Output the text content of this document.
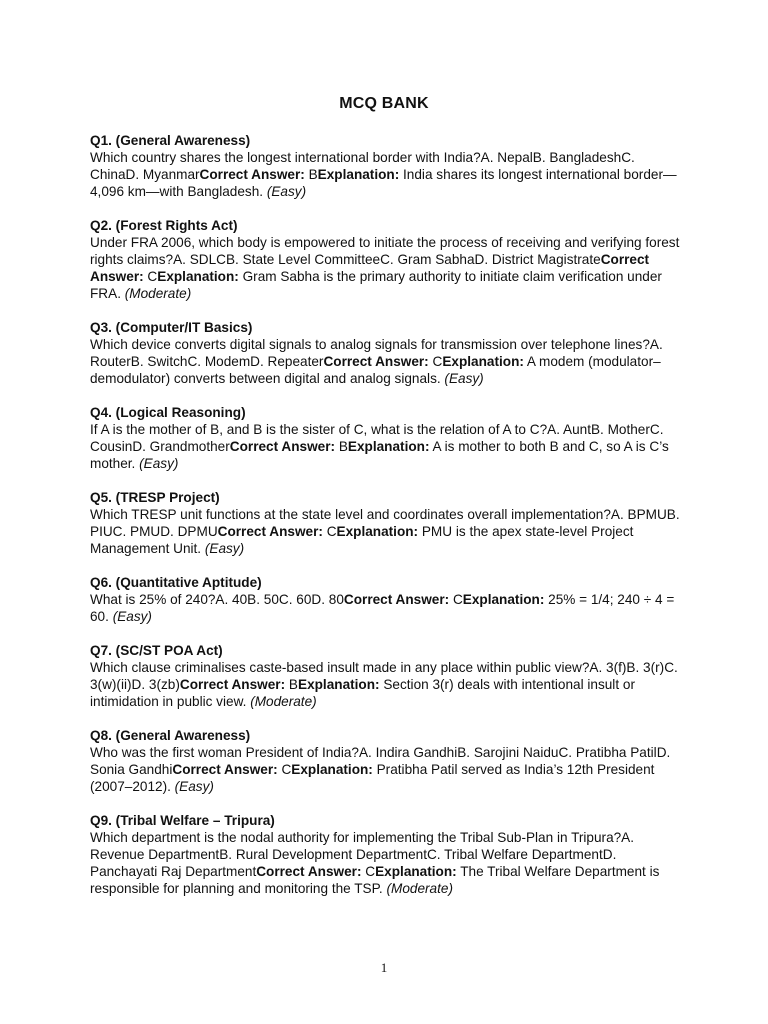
MCQ BANK
Q1. (General Awareness)
Which country shares the longest international border with India?A. NepalB. BangladeshC. ChinaD. MyanmarCorrect Answer: BExplanation: India shares its longest international border—4,096 km—with Bangladesh. (Easy)
Q2. (Forest Rights Act)
Under FRA 2006, which body is empowered to initiate the process of receiving and verifying forest rights claims?A. SDLCB. State Level CommitteeC. Gram SabhaD. District MagistrateCorrect Answer: CExplanation: Gram Sabha is the primary authority to initiate claim verification under FRA. (Moderate)
Q3. (Computer/IT Basics)
Which device converts digital signals to analog signals for transmission over telephone lines?A. RouterB. SwitchC. ModemD. RepeaterCorrect Answer: CExplanation: A modem (modulator–demodulator) converts between digital and analog signals. (Easy)
Q4. (Logical Reasoning)
If A is the mother of B, and B is the sister of C, what is the relation of A to C?A. AuntB. MotherC. CousinD. GrandmotherCorrect Answer: BExplanation: A is mother to both B and C, so A is C’s mother. (Easy)
Q5. (TRESP Project)
Which TRESP unit functions at the state level and coordinates overall implementation?A. BPMUB. PIUC. PMUD. DPMUCorrect Answer: CExplanation: PMU is the apex state-level Project Management Unit. (Easy)
Q6. (Quantitative Aptitude)
What is 25% of 240?A. 40B. 50C. 60D. 80Correct Answer: CExplanation: 25% = 1/4; 240 ÷ 4 = 60. (Easy)
Q7. (SC/ST POA Act)
Which clause criminalises caste-based insult made in any place within public view?A. 3(f)B. 3(r)C. 3(w)(ii)D. 3(zb)Correct Answer: BExplanation: Section 3(r) deals with intentional insult or intimidation in public view. (Moderate)
Q8. (General Awareness)
Who was the first woman President of India?A. Indira GandhiB. Sarojini NaiduC. Pratibha PatilD. Sonia GandhiCorrect Answer: CExplanation: Pratibha Patil served as India’s 12th President (2007–2012). (Easy)
Q9. (Tribal Welfare – Tripura)
Which department is the nodal authority for implementing the Tribal Sub-Plan in Tripura?A. Revenue DepartmentB. Rural Development DepartmentC. Tribal Welfare DepartmentD. Panchayati Raj DepartmentCorrect Answer: CExplanation: The Tribal Welfare Department is responsible for planning and monitoring the TSP. (Moderate)
1
